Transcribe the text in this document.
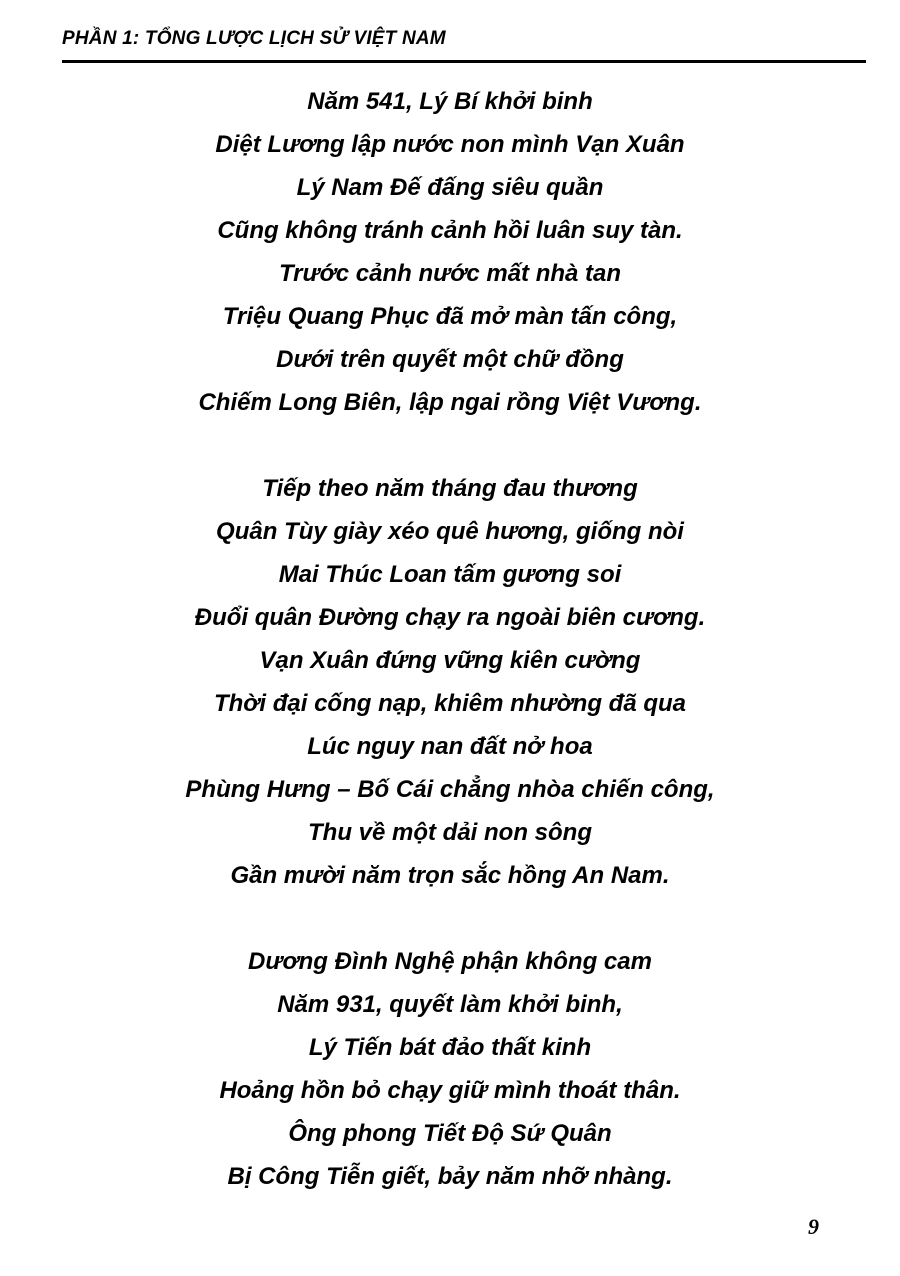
PHẦN 1: TỔNG LƯỢC LỊCH SỬ VIỆT NAM
Năm 541, Lý Bí khởi binh
Diệt Lương lập nước non mình Vạn Xuân
Lý Nam Đế đấng siêu quần
Cũng không tránh cảnh hồi luân suy tàn.
Trước cảnh nước mất nhà tan
Triệu Quang Phục đã mở màn tấn công,
Dưới trên quyết một chữ đồng
Chiếm Long Biên, lập ngai rồng Việt Vương.
Tiếp theo năm tháng đau thương
Quân Tùy giày xéo quê hương, giống nòi
Mai Thúc Loan tấm gương soi
Đuổi quân Đường chạy ra ngoài biên cương.
Vạn Xuân đứng vững kiên cường
Thời đại cống nạp, khiêm nhường đã qua
Lúc nguy nan đất nở hoa
Phùng Hưng – Bố Cái chẳng nhòa chiến công,
Thu về một dải non sông
Gần mười năm trọn sắc hồng An Nam.
Dương Đình Nghệ phận không cam
Năm 931, quyết làm khởi binh,
Lý Tiến bát đảo thất kinh
Hoảng hồn bỏ chạy giữ mình thoát thân.
Ông phong Tiết Độ Sứ Quân
Bị Công Tiễn giết, bảy năm nhỡ nhàng.
9
